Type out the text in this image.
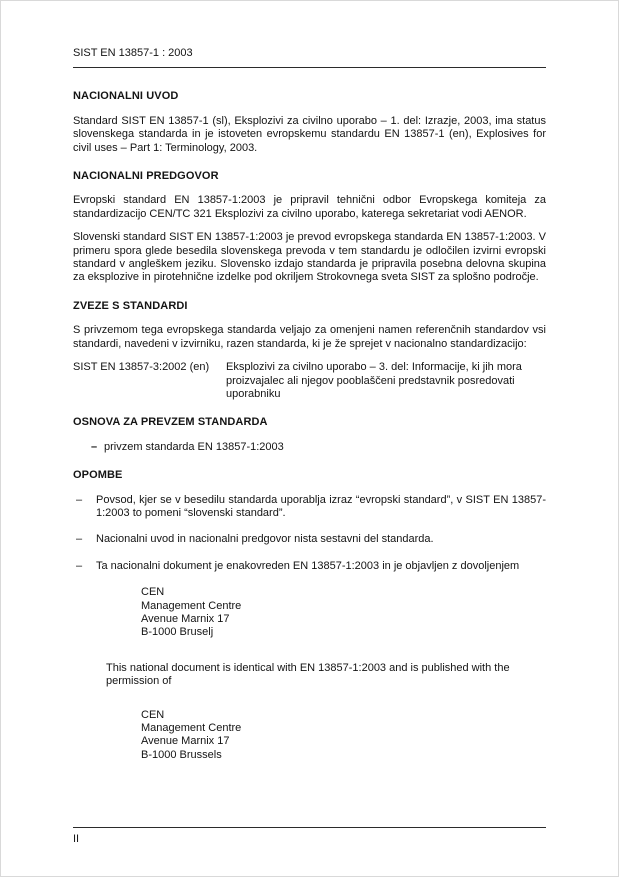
SIST EN 13857-1 : 2003
NACIONALNI UVOD

Standard SIST EN 13857-1 (sl), Eksplozivi za civilno uporabo – 1. del: Izrazje, 2003, ima status slovenskega standarda in je istoveten evropskemu standardu EN 13857-1 (en), Explosives for civil uses – Part 1: Terminology, 2003.

NACIONALNI PREDGOVOR

Evropski standard EN 13857-1:2003 je pripravil tehnični odbor Evropskega komiteja za standardizacijo CEN/TC 321 Eksplozivi za civilno uporabo, katerega sekretariat vodi AENOR.

Slovenski standard SIST EN 13857-1:2003 je prevod evropskega standarda EN 13857-1:2003. V primeru spora glede besedila slovenskega prevoda v tem standardu je odločilen izvirni evropski standard v angleškem jeziku. Slovensko izdajo standarda je pripravila posebna delovna skupina za eksplozive in pirotehnične izdelke pod okriljem Strokovnega sveta SIST za splošno področje.

ZVEZE S STANDARDI

S privzemom tega evropskega standarda veljajo za omenjeni namen referenčnih standardov vsi standardi, navedeni v izvirniku, razen standarda, ki je že sprejet v nacionalno standardizacijo:

SIST EN 13857-3:2002 (en)	Eksplozivi za civilno uporabo – 3. del: Informacije, ki jih mora proizvajalec ali njegov pooblaščeni predstavnik posredovati uporabniku
OSNOVA ZA PREVZEM STANDARDA
– privzem standarda EN 13857-1:2003
OPOMBE
–	Povsod, kjer se v besedilu standarda uporablja izraz “evropski standard”, v SIST EN 13857-1:2003 to pomeni “slovenski standard”.
–	Nacionalni uvod in nacionalni predgovor nista sestavni del standarda.
–	Ta nacionalni dokument je enakovreden EN 13857-1:2003 in je objavljen z dovoljenjem
CEN
Management Centre
Avenue Marnix 17
B-1000 Bruselj

This national document is identical with EN 13857-1:2003 and is published with the permission of

CEN
Management Centre
Avenue Marnix 17
B-1000 Brussels
II
